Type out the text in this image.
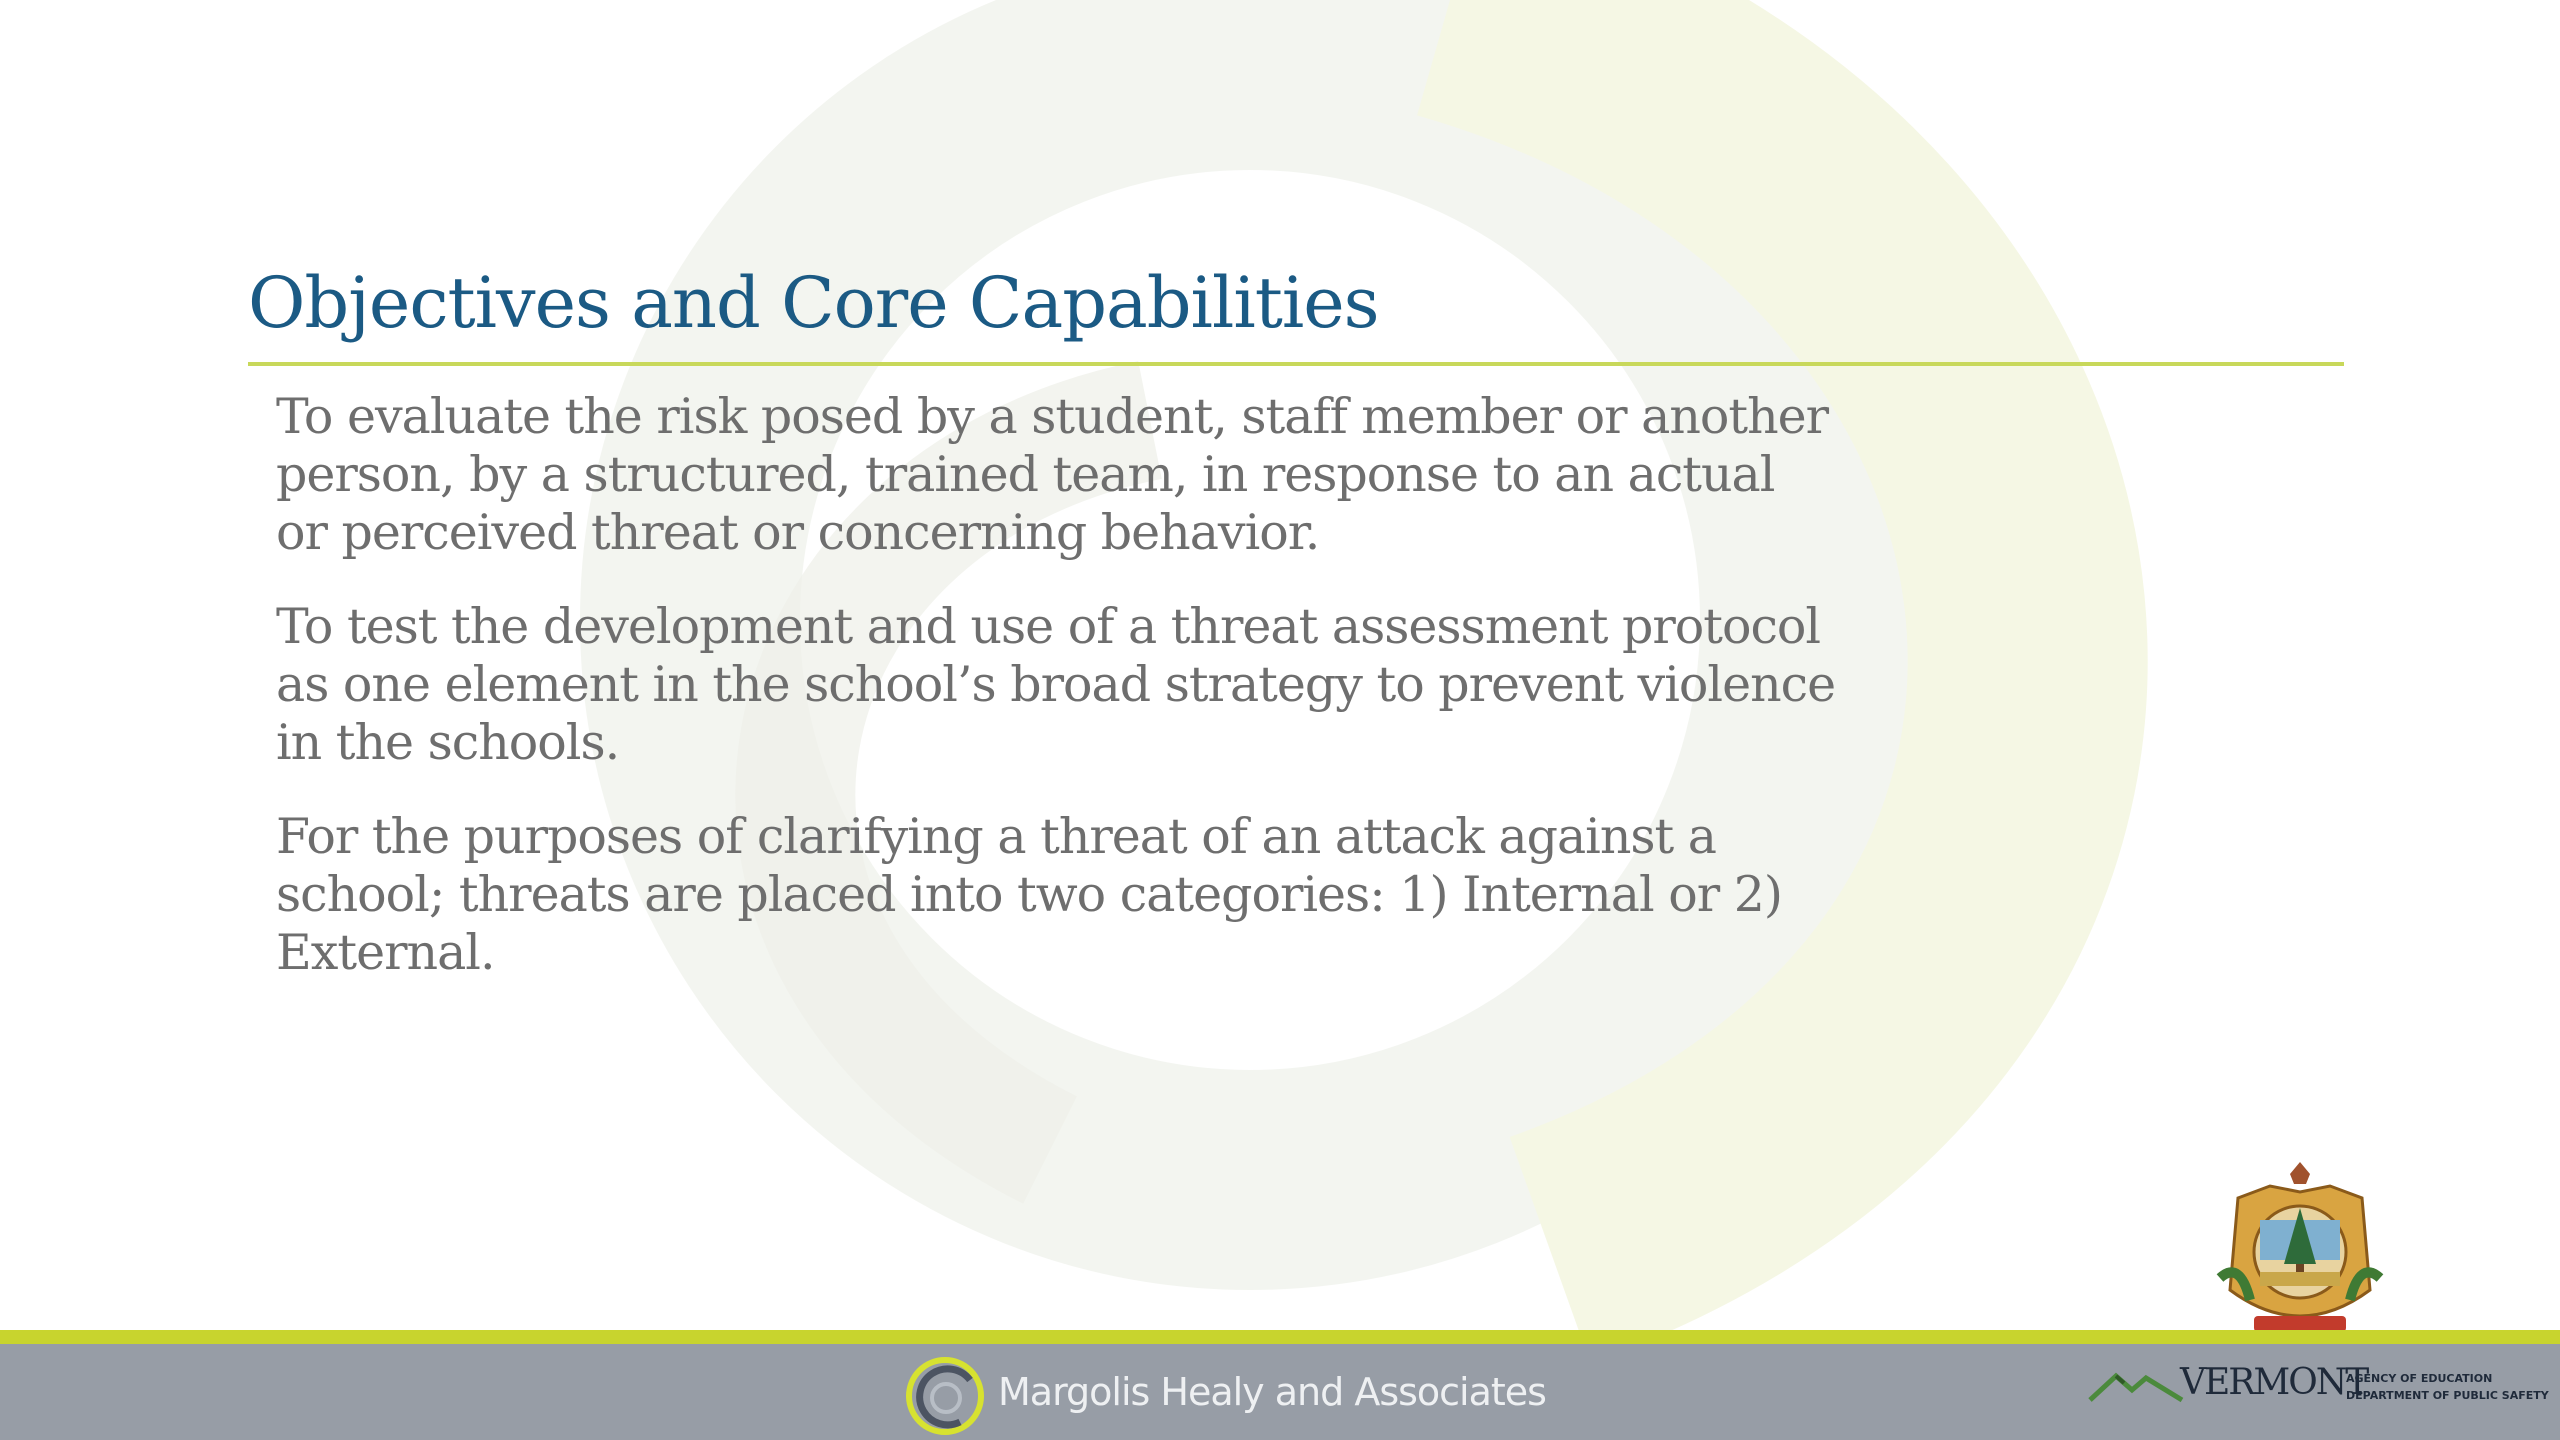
Objectives and Core Capabilities

To evaluate the risk posed by a student, staff member or another person, by a structured, trained team, in response to an actual or perceived threat or concerning behavior.

To test the development and use of a threat assessment protocol as one element in the school’s broad strategy to prevent violence in the schools.

For the purposes of clarifying a threat of an attack against a school; threats are placed into two categories: 1) Internal or 2) External.

Margolis Healy and Associates	VERMONT
AGENCY OF EDUCATION
DEPARTMENT OF PUBLIC SAFETY
